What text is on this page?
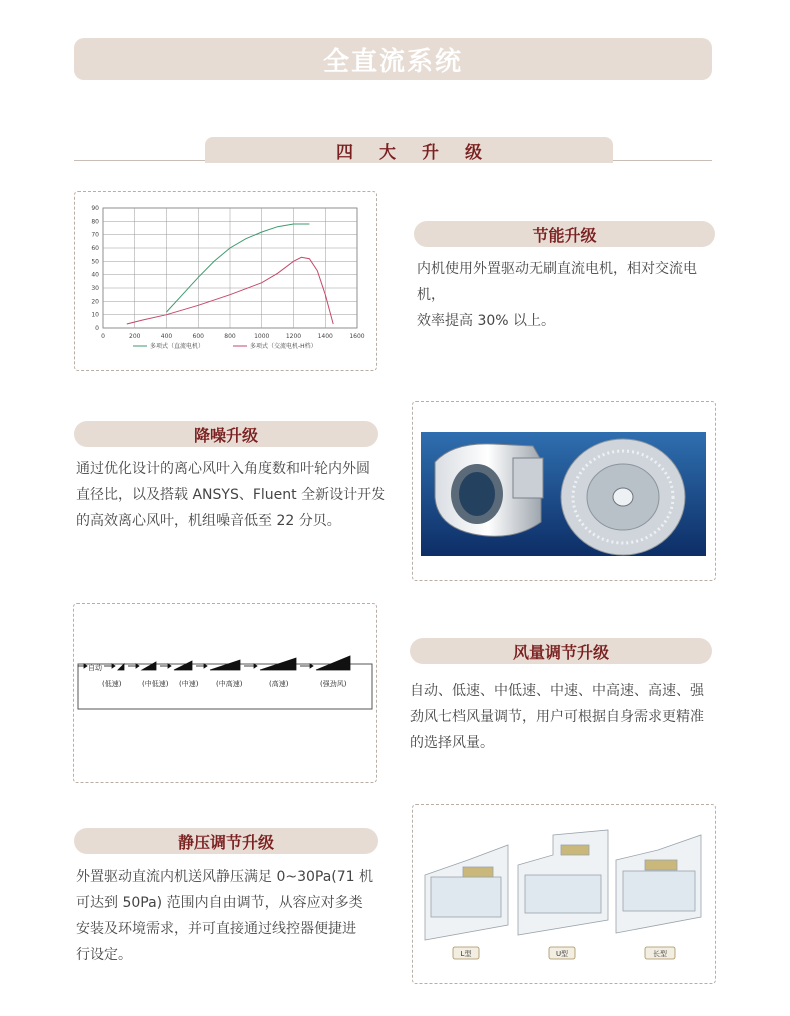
全直流系统
四大升级
0	200	400	600	800	1000	1200	1400	1600
0
10
20
30
40
50
60
70
80
90
多项式（直流电机）	多项式（交流电机-H档）
节能升级

内机使用外置驱动无刷直流电机，相对交流电机，

效率提高 30% 以上。

降噪升级

通过优化设计的离心风叶入角度数和叶轮内外圆

直径比，以及搭载 ANSYS、Fluent 全新设计开发

的高效离心风叶，机组噪音低至 22 分贝。

自动
(低速)	(中低速) (中速)	(中高速)	(高速)	(强劲风)
风量调节升级

自动、低速、中低速、中速、中高速、高速、强

劲风七档风量调节，用户可根据自身需求更精准

的选择风量。

静压调节升级

外置驱动直流内机送风静压满足 0~30Pa(71 机

可达到 50Pa) 范围内自由调节，从容应对多类

安装及环境需求，并可直接通过线控器便捷进

行设定。	L型	U型	长型
